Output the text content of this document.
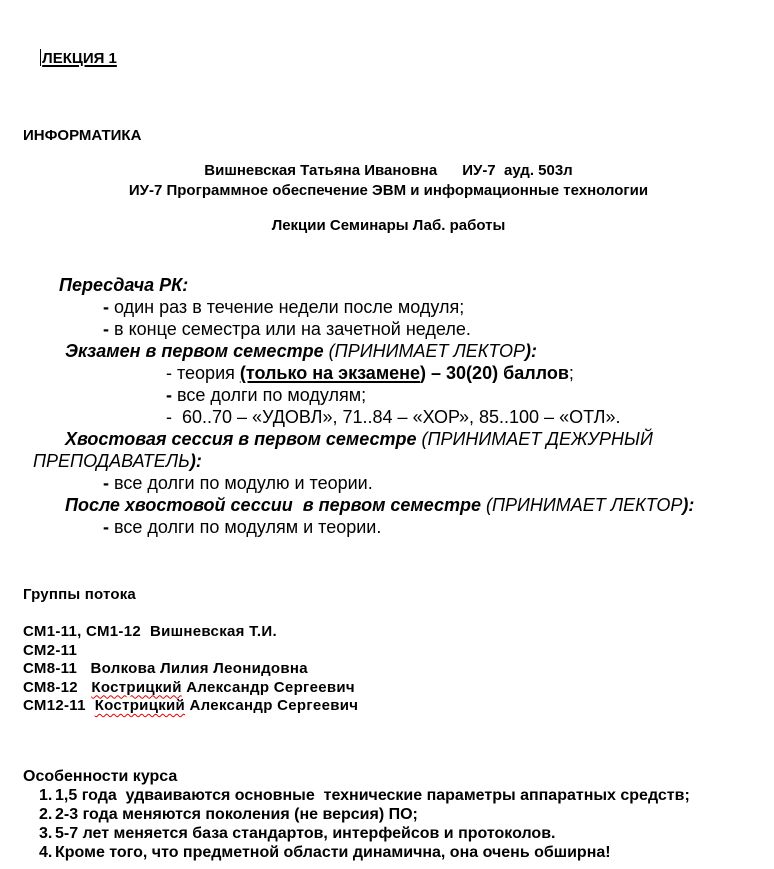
ЛЕКЦИЯ 1

ИНФОРМАТИКА
Вишневская Татьяна Ивановна      ИУ-7  ауд. 503л
ИУ-7 Программное обеспечение ЭВМ и информационные технологии
Лекции Семинары Лаб. работы
Пересдача РК:
- один раз в течение недели после модуля;
- в конце семестра или на зачетной неделе.
Экзамен в первом семестре (ПРИНИМАЕТ ЛЕКТОР):
- теория (только на экзамене) – 30(20) баллов;
- все долги по модулям;
-  60..70 – «УДОВЛ», 71..84 – «ХОР», 85..100 – «ОТЛ».
Хвостовая сессия в первом семестре (ПРИНИМАЕТ ДЕЖУРНЫЙ
ПРЕПОДАВАТЕЛЬ):
- все долги по модулю и теории.
После хвостовой сессии  в первом семестре (ПРИНИМАЕТ ЛЕКТОР):
- все долги по модулям и теории.
Группы потока
СМ1-11, СМ1-12  Вишневская Т.И.
СМ2-11
СМ8-11   Волкова Лилия Леонидовна
СМ8-12   Кострицкий Александр Сергеевич
СМ12-11  Кострицкий Александр Сергеевич
Особенности курса
1. 1,5 года  удваиваются основные  технические параметры аппаратных средств;
2. 2-3 года меняются поколения (не версия) ПО;
3. 5-7 лет меняется база стандартов, интерфейсов и протоколов.
4. Кроме того, что предметной области динамична, она очень обширна!
